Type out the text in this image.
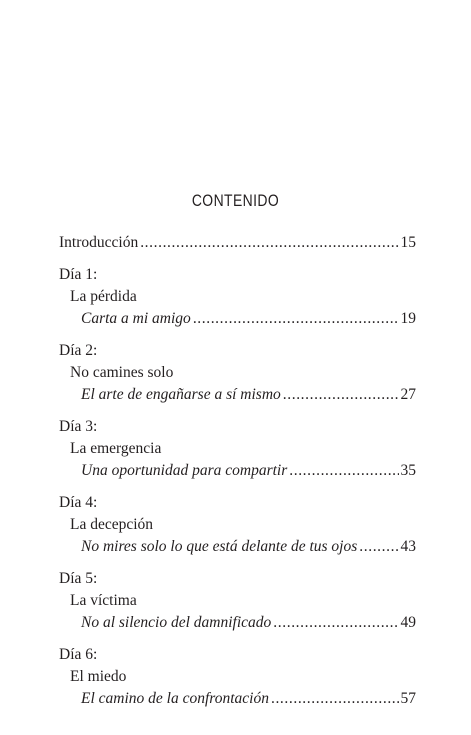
CONTENIDO
Introducción .....	15
Día 1:
La pérdida
Carta a mi amigo .....	19
Día 2:
No camines solo
El arte de engañarse a sí mismo .....	27
Día 3:
La emergencia
Una oportunidad para compartir .....	35
Día 4:
La decepción
No mires solo lo que está delante de tus ojos .....	43
Día 5:
La víctima
No al silencio del damnificado .....	49
Día 6:
El miedo
El camino de la confrontación .....	57
